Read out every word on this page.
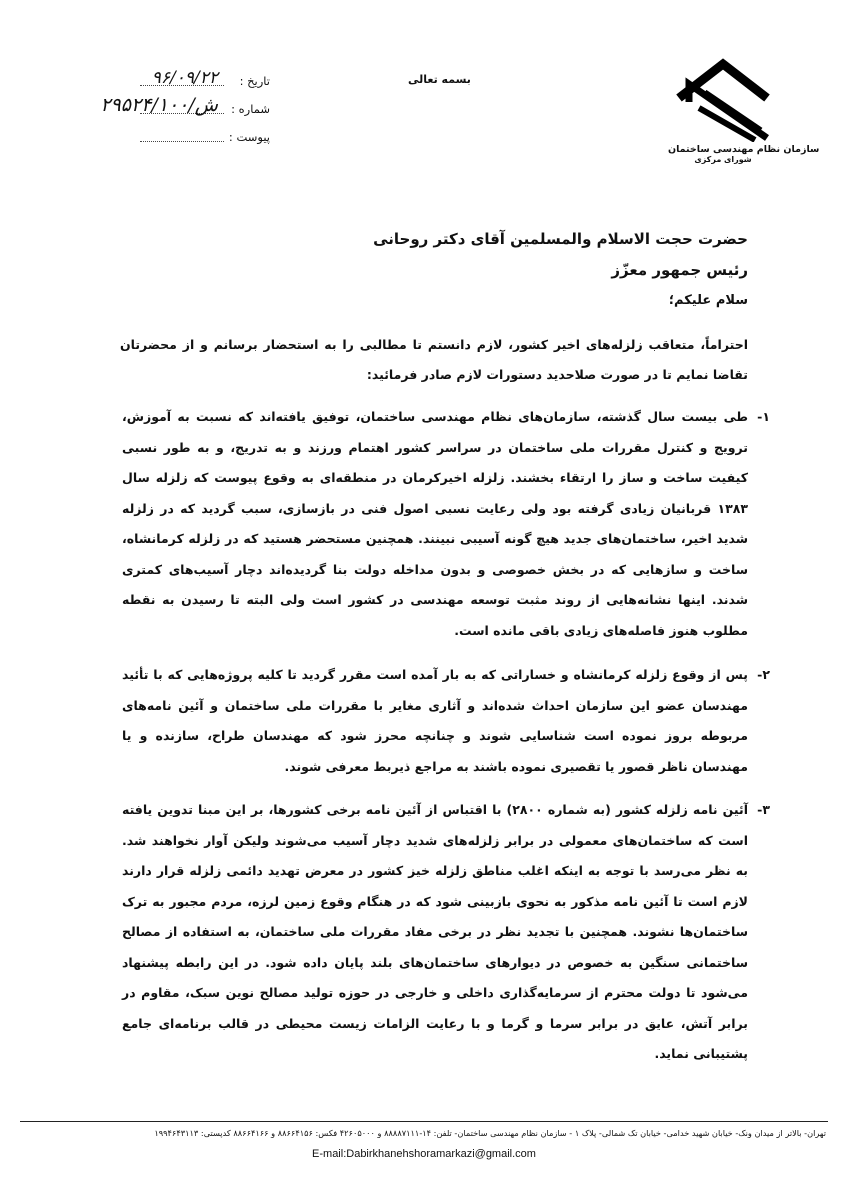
سازمان نظام مهندسی ساختمان
شورای مرکزی
بسمه تعالی
تاریخ :
۹۶/۰۹/۲۲
شماره :
۲۹۵۲۴/ش/۱۰۰
پیوست :
حضرت حجت الاسلام والمسلمین آقای دکتر روحانی
رئیس جمهور معزّز
سلام علیکم؛
احتراماً، متعاقب زلزله‌های اخیر کشور، لازم دانستم تا مطالبی را به استحضار برسانم و از محضرتان تقاضا نمایم تا در صورت صلاحدید دستورات لازم صادر فرمائید:
۱-
طی بیست سال گذشته، سازمان‌های نظام مهندسی ساختمان، توفیق یافته‌اند که نسبت به آموزش، ترویج و کنترل مقررات ملی ساختمان در سراسر کشور اهتمام ورزند و به تدریج، و به طور نسبی کیفیت ساخت و ساز را ارتقاء بخشند. زلزله اخیرکرمان در منطقه‌ای به وقوع پیوست که زلزله سال ۱۳۸۳ قربانیان زیادی گرفته بود ولی رعایت نسبی اصول فنی در بازسازی، سبب گردید که در زلزله شدید اخیر، ساختمان‌های جدید هیچ گونه آسیبی نبینند. همچنین مستحضر هستید که در زلزله کرمانشاه، ساخت و سازهایی که در بخش خصوصی و بدون مداخله دولت بنا گردیده‌اند دچار آسیب‌های کمتری شدند. اینها نشانه‌هایی از روند مثبت توسعه مهندسی در کشور است ولی البته تا رسیدن به نقطه مطلوب هنوز فاصله‌های زیادی باقی مانده است.
۲-
پس از وقوع زلزله کرمانشاه و خساراتی که به بار آمده است مقرر گردید تا کلیه پروژه‌هایی که با تأئید مهندسان عضو این سازمان احداث شده‌اند و آثاری مغایر با مقررات ملی ساختمان و آئین نامه‌های مربوطه بروز نموده است شناسایی شوند و چنانچه محرز شود که مهندسان طراح، سازنده و یا مهندسان ناظر قصور یا تقصیری نموده باشند به مراجع ذیربط معرفی شوند.
۳-
آئین نامه زلزله کشور (به شماره ۲۸۰۰) با اقتباس از آئین نامه برخی کشورها، بر این مبنا تدوین یافته است که ساختمان‌های معمولی در برابر زلزله‌های شدید دچار آسیب می‌شوند ولیکن آوار نخواهند شد. به نظر می‌رسد با توجه به اینکه اغلب مناطق زلزله خیز کشور در معرض تهدید دائمی زلزله قرار دارند لازم است تا آئین نامه مذکور به نحوی بازبینی شود که در هنگام وقوع زمین لرزه، مردم مجبور به ترک ساختمان‌ها نشوند. همچنین با تجدید نظر در برخی مفاد مقررات ملی ساختمان، به استفاده از مصالح ساختمانی سنگین به خصوص در دیوارهای ساختمان‌های بلند پایان داده شود. در این رابطه پیشنهاد می‌شود تا دولت محترم از سرمایه‌گذاری داخلی و خارجی در حوزه تولید مصالح نوین سبک، مقاوم در برابر آتش، عایق در برابر سرما و گرما و با رعایت الزامات زیست محیطی در قالب برنامه‌ای جامع پشتیبانی نماید.
تهران- بالاتر از میدان ونک- خیابان شهید خدامی- خیابان تک شمالی- پلاک ۱ - سازمان نظام مهندسی ساختمان- تلفن: ۱۴-۸۸۸۸۷۱۱۱ و ۴۲۶۰۵۰۰۰ فکس: ۸۸۶۶۴۱۵۶ و ۸۸۶۶۴۱۶۶ کدپستی: ۱۹۹۴۶۴۳۱۱۳
E-mail:Dabirkhanehshoramarkazi@gmail.com
